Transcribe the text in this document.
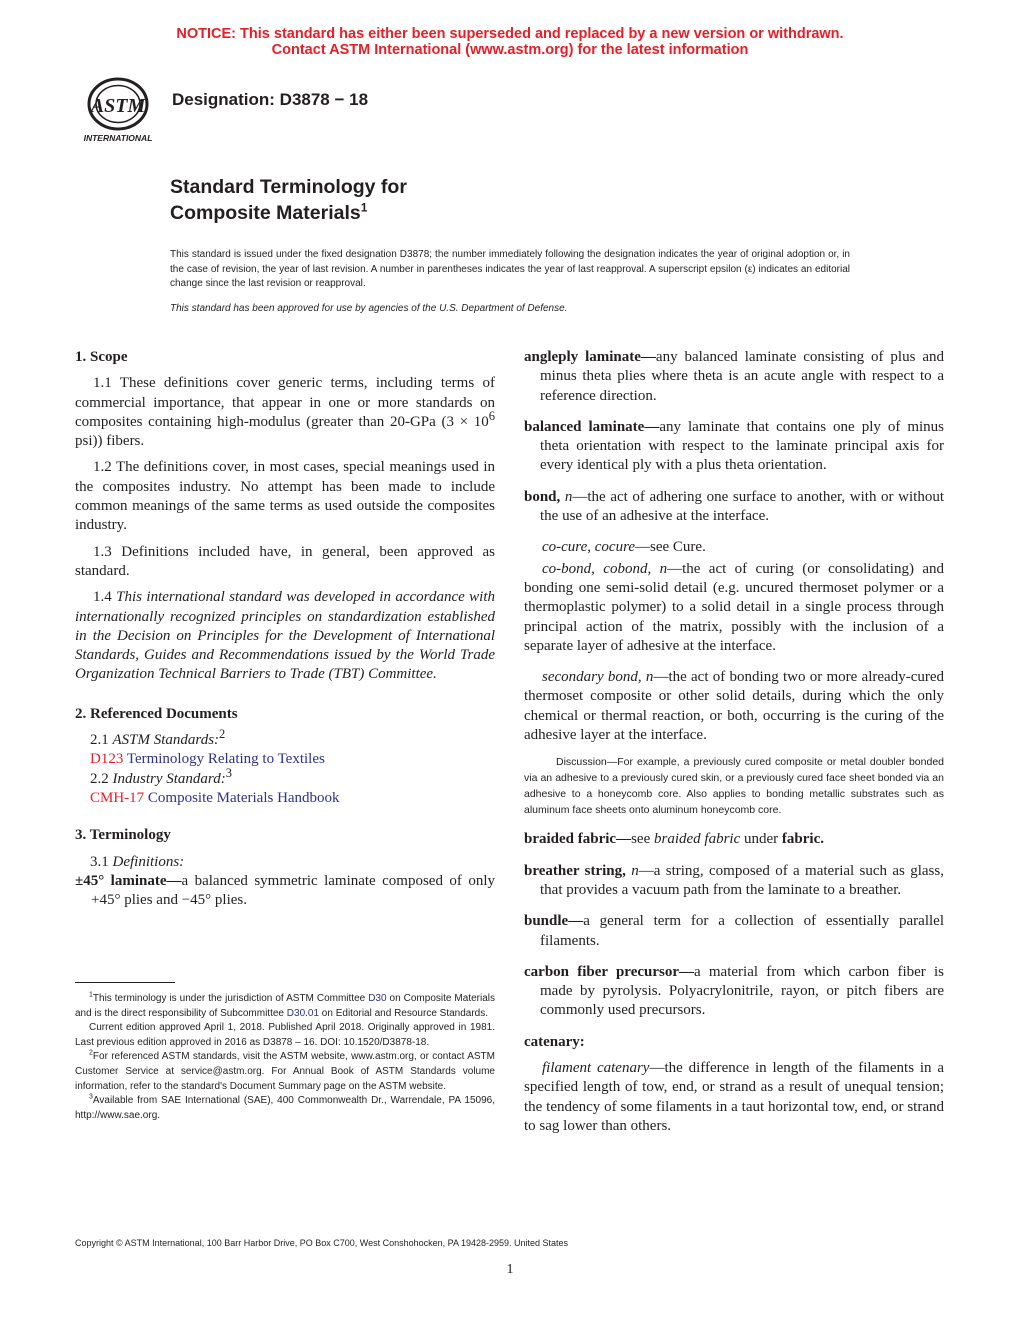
NOTICE: This standard has either been superseded and replaced by a new version or withdrawn.
Contact ASTM International (www.astm.org) for the latest information
ASTM
INTERNATIONAL
Designation: D3878 − 18
Standard Terminology for
Composite Materials$^1$
This standard is issued under the fixed designation D3878; the number immediately following the designation indicates the year of original adoption or, in the case of revision, the year of last revision. A number in parentheses indicates the year of last reapproval. A superscript epsilon (ε) indicates an editorial change since the last revision or reapproval.
This standard has been approved for use by agencies of the U.S. Department of Defense.

1. Scope

1.1 These definitions cover generic terms, including terms of commercial importance, that appear in one or more standards on composites containing high-modulus (greater than 20-GPa ($3 \times 10^6$ psi)) fibers.

1.2 The definitions cover, in most cases, special meanings used in the composites industry. No attempt has been made to include common meanings of the same terms as used outside the composites industry.

1.3 Definitions included have, in general, been approved as standard.

1.4 This international standard was developed in accordance with internationally recognized principles on standardization established in the Decision on Principles for the Development of International Standards, Guides and Recommendations issued by the World Trade Organization Technical Barriers to Trade (TBT) Committee.

2. Referenced Documents

2.1 ASTM Standards:$^2$

D123 Terminology Relating to Textiles

2.2 Industry Standard:$^3$

CMH-17 Composite Materials Handbook

3. Terminology

3.1 Definitions:

±45° laminate—a balanced symmetric laminate composed of only +45° plies and −45° plies.

$^1$This terminology is under the jurisdiction of ASTM Committee D30 on Composite Materials and is the direct responsibility of Subcommittee D30.01 on Editorial and Resource Standards.

Current edition approved April 1, 2018. Published April 2018. Originally approved in 1981. Last previous edition approved in 2016 as D3878 – 16. DOI: 10.1520/D3878-18.

$^2$For referenced ASTM standards, visit the ASTM website, www.astm.org, or contact ASTM Customer Service at service@astm.org. For Annual Book of ASTM Standards volume information, refer to the standard's Document Summary page on the ASTM website.

$^3$Available from SAE International (SAE), 400 Commonwealth Dr., Warrendale, PA 15096, http://www.sae.org.

angleply laminate—any balanced laminate consisting of plus and minus theta plies where theta is an acute angle with respect to a reference direction.

balanced laminate—any laminate that contains one ply of minus theta orientation with respect to the laminate principal axis for every identical ply with a plus theta orientation.

bond, n—the act of adhering one surface to another, with or without the use of an adhesive at the interface.

co-cure, cocure—see Cure.

co-bond, cobond, n—the act of curing (or consolidating) and bonding one semi-solid detail (e.g. uncured thermoset polymer or a thermoplastic polymer) to a solid detail in a single process through principal action of the matrix, possibly with the inclusion of a separate layer of adhesive at the interface.

secondary bond, n—the act of bonding two or more already-cured thermoset composite or other solid details, during which the only chemical or thermal reaction, or both, occurring is the curing of the adhesive layer at the interface.

Discussion—For example, a previously cured composite or metal doubler bonded via an adhesive to a previously cured skin, or a previously cured face sheet bonded via an adhesive to a honeycomb core. Also applies to bonding metallic substrates such as aluminum face sheets onto aluminum honeycomb core.

braided fabric—see braided fabric under fabric.

breather string, n—a string, composed of a material such as glass, that provides a vacuum path from the laminate to a breather.

bundle—a general term for a collection of essentially parallel filaments.

carbon fiber precursor—a material from which carbon fiber is made by pyrolysis. Polyacrylonitrile, rayon, or pitch fibers are commonly used precursors.

catenary:

filament catenary—the difference in length of the filaments in a specified length of tow, end, or strand as a result of unequal tension; the tendency of some filaments in a taut horizontal tow, end, or strand to sag lower than others.

Copyright © ASTM International, 100 Barr Harbor Drive, PO Box C700, West Conshohocken, PA 19428-2959. United States
1
